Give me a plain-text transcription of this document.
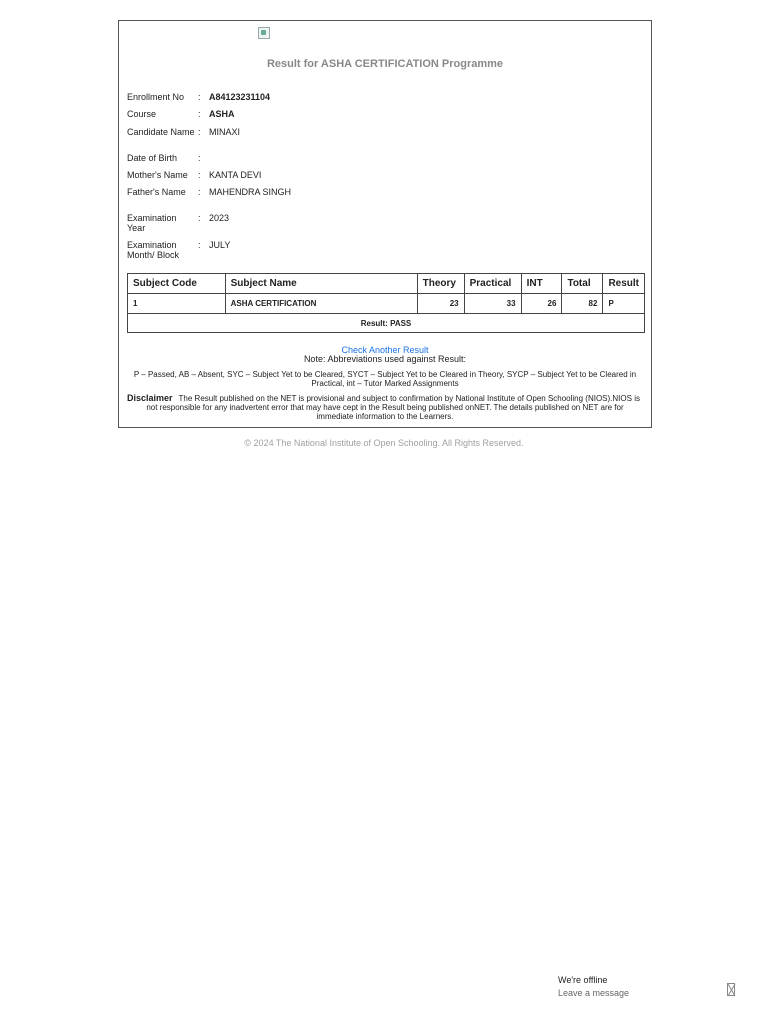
Result for ASHA CERTIFICATION Programme
Enrollment No	: A84123231104
Course	: ASHA
Candidate Name : MINAXI
Date of Birth	:
Mother's Name	: KANTA DEVI
Father's Name	: MAHENDRA SINGH
Examination
Year
: 2023
Examination
Month/ Block
: JULY
Subject Code	Subject Name	Theory	Practical	INT	Total	Result
1	ASHA CERTIFICATION	23	33	26	82	P
Result: PASS						
Check Another Result
Note: Abbreviations used against Result:
P – Passed, AB – Absent, SYC – Subject Yet to be Cleared, SYCT – Subject Yet to be Cleared in Theory, SYCP – Subject Yet to be Cleared in Practical, int – Tutor Marked Assignments
Disclaimer The Result published on the NET is provisional and subject to confirmation by National Institute of Open Schooling (NIOS).NIOS is not responsible for any inadvertent error that may have cept in the Result being published onNET. The details published on NET are for immediate information to the Learners.
© 2024 The National Institute of Open Schooling. All Rights Reserved.
We're offline
Leave a message
